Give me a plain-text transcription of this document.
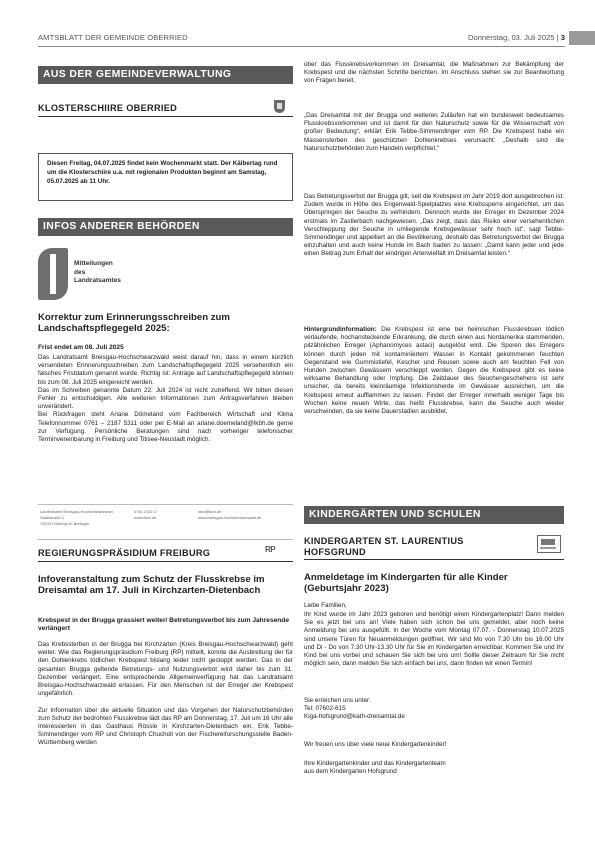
AMTSBLATT DER GEMEINDE OBERRIED	Donnerstag, 03. Juli 2025 | 3
AUS DER GEMEINDEVERWALTUNG
KLOSTERSCHIIRE OBERRIED
Diesen Freitag, 04.07.2025 findet kein Wochenmarkt statt. Der Kälbertag rund um die Klosterschiire u.a. mit regionalen Produkten beginnt am Samstag, 05.07.2025 ab 11 Uhr.
INFOS ANDERER BEHÖRDEN
Mitteilungen
des
Landratsamtes
Korrektur zum Erinnerungsschreiben zum Landschaftspflegegeld 2025:
Frist endet am 08. Juli 2025
Das Landratsamt Breisgau-Hochschwarzwald weist darauf hin, dass in einem kürzlich versendeten Erinnerungsschreiben zum Landschaftspflegegeld 2025 versehentlich ein falsches Fristdatum genannt wurde. Richtig ist: Anträge auf Landschaftspflegegeld können bis zum 08. Juli 2025 eingereicht werden.
Das im Schreiben genannte Datum 22. Juli 2024 ist nicht zutreffend. Wir bitten diesen Fehler zu entschuldigen. Alle weiteren Informationen zum Antragsverfahren bleiben unverändert.
Bei Rückfragen steht Ariane Dömeland vom Fachbereich Wirtschaft und Klima Telefonnummer 0761 – 2187 5311 oder per E-Mail an ariane.doemeland@lkbh.de gerne zur Verfügung. Persönliche Beratungen sind nach vorheriger telefonischer Terminvereinbarung in Freiburg und Titisee-Neustadt möglich.
Landratsamt Breisgau-Hochschwarzwald
Stadtstraße 2
79104 Freiburg im Breisgau
0761 2187-0
www.lkbh.de
info@lkbh.de
www.breisgau-hochschwarzwald.de
REGIERUNGSPRÄSIDIUM FREIBURG	RP
Infoveranstaltung zum Schutz der Flusskrebse im Dreisamtal am 17. Juli in Kirchzarten-Dietenbach
Krebspest in der Brugga grassiert weiter/ Betretungsverbot bis zum Jahresende verlängert
Das Krebssterben in der Brugga bei Kirchzarten (Kreis Breisgau-Hochschwarzwald) geht weiter. Wie das Regierungspräsidium Freiburg (RP) mitteilt, konnte die Ausbreitung der für den Dohlenkrebs tödlichen Krebspest bislang leider nicht gestoppt werden. Das in der gesamten Brugga geltende Betretungs- und Nutzungsverbot wird daher bis zum 31. Dezember verlängert. Eine entsprechende Allgemeinverfügung hat das Landratsamt Breisgau-Hochschwarzwald erlassen. Für den Menschen ist der Erreger der Krebspest ungefährlich.

Zur Information über die aktuelle Situation und das Vorgehen der Naturschutzbehörden zum Schutz der bedrohten Flusskrebse lädt das RP am Donnerstag, 17. Juli um 16 Uhr alle Interessierten in das Gasthaus Rössle in Kirchzarten-Dietenbach ein. Erik Tebbe-Simmendinger vom RP und Christoph Chucholl von der Fischereiforschungsstelle Baden-Württemberg werden
über das Flusskrebsvorkommen im Dreisamtal, die Maßnahmen zur Bekämpfung der Krebspest und die nächsten Schritte berichten. Im Anschluss stehen sie zur Beantwortung von Fragen bereit.
„Das Dreisamtal mit der Brugga und weiteren Zuläufen hat ein bundesweit bedeutsames Flusskrebsvorkommen und ist damit für den Naturschutz sowie für die Wissenschaft von großer Bedeutung“, erklärt Erik Tebbe-Simmendinger vom RP. Die Krebspest habe ein Massensterben des geschützten Dohlenkrebses verursacht: „Deshalb sind die Naturschutzbehörden zum Handeln verpflichtet.“
Das Betretungsverbot der Brugga gilt, seit die Krebspest im Jahr 2019 dort ausgebrochen ist. Zudem wurde in Höhe des Engenwald-Spielplatzes eine Krebssperre eingerichtet, um das Überspringen der Seuche zu verhindern. Dennoch wurde der Erreger im Dezember 2024 erstmals im Zastlerbach nachgewiesen. „Das zeigt, dass das Risiko einer versehentlichen Verschleppung der Seuche in umliegende Krebsgewässer sehr hoch ist“, sagt Tebbe-Simmendinger und appelliert an die Bevölkerung, deshalb das Betretungsverbot der Brugga einzuhalten und auch keine Hunde im Bach baden zu lassen: „Damit kann jeder und jede einen Beitrag zum Erhalt der eindrigen Artenvielfalt im Dreisamtal leisten.“
Hintergrundinformation: Die Krebspest ist eine bei heimischen Flusskrebsen tödlich verlaufende, hochansteckende Erkrankung, die durch einen aus Nordamerika stammenden, pilzähnlichen Erreger (Aphanomyces astaci) ausgelöst wird. Die Sporen des Erregers können durch jeden mit kontaminiertem Wasser in Kontakt gekommenen feuchten Gegenstand wie Gummistiefel, Kescher und Reusen sowie auch am feuchten Fell von Hunden zwischen Gewässern verschleppt werden. Gegen die Krebspest gibt es keine wirksame Behandlung oder Impfung. Die Zeitdauer des Seuchengeschehens ist sehr unsicher, da bereits kleinräumige Infektionsherde im Gewässer ausreichen, um die Krebspest erneut aufflammen zu lassen. Findet der Erreger innerhalb weniger Tage bis Wochen keine neuen Wirte, das heißt Flusskrebse, kann die Seuche auch wieder verschwinden, da sie keine Dauerstadien ausbildet.
KINDERGÄRTEN UND SCHULEN
KINDERGARTEN ST. LAURENTIUS HOFSGRUND
Anmeldetage im Kindergarten für alle Kinder (Geburtsjahr 2023)
Liebe Familien,
Ihr Kind wurde im Jahr 2023 geboren und benötigt einen Kindergartenplatz! Dann melden Sie es jetzt bei uns an! Viele haben sich schon bei uns gemeldet, aber noch keine Anmeldung bei uns ausgefüllt. In der Woche vom Montag 07.07. - Donnerstag 10.07.2025 sind unsere Türen für Neuanmeldungen geöffnet. Wir sind Mo von 7.30 Uhr bis 16.00 Uhr und Di - Do von 7.30 Uhr-13.30 Uhr für Sie im Kindergarten erreichbar. Kommen Sie und Ihr Kind bei uns vorbei und schauen Sie sich bei uns um! Sollte dieser Zeitraum für Sie nicht möglich sein, dann melden Sie sich einfach bei uns, dann finden wir einen Termin!
Sie erreichen uns unter:
Tel: 07602-615
Kiga-hofsgrund@kath-dreisamtal.de
Wir freuen uns über viele neue Kindergartenkinder!
Ihre Kindergartenkinder und das Kindergartenteam
aus dem Kindergarten Hofsgrund
